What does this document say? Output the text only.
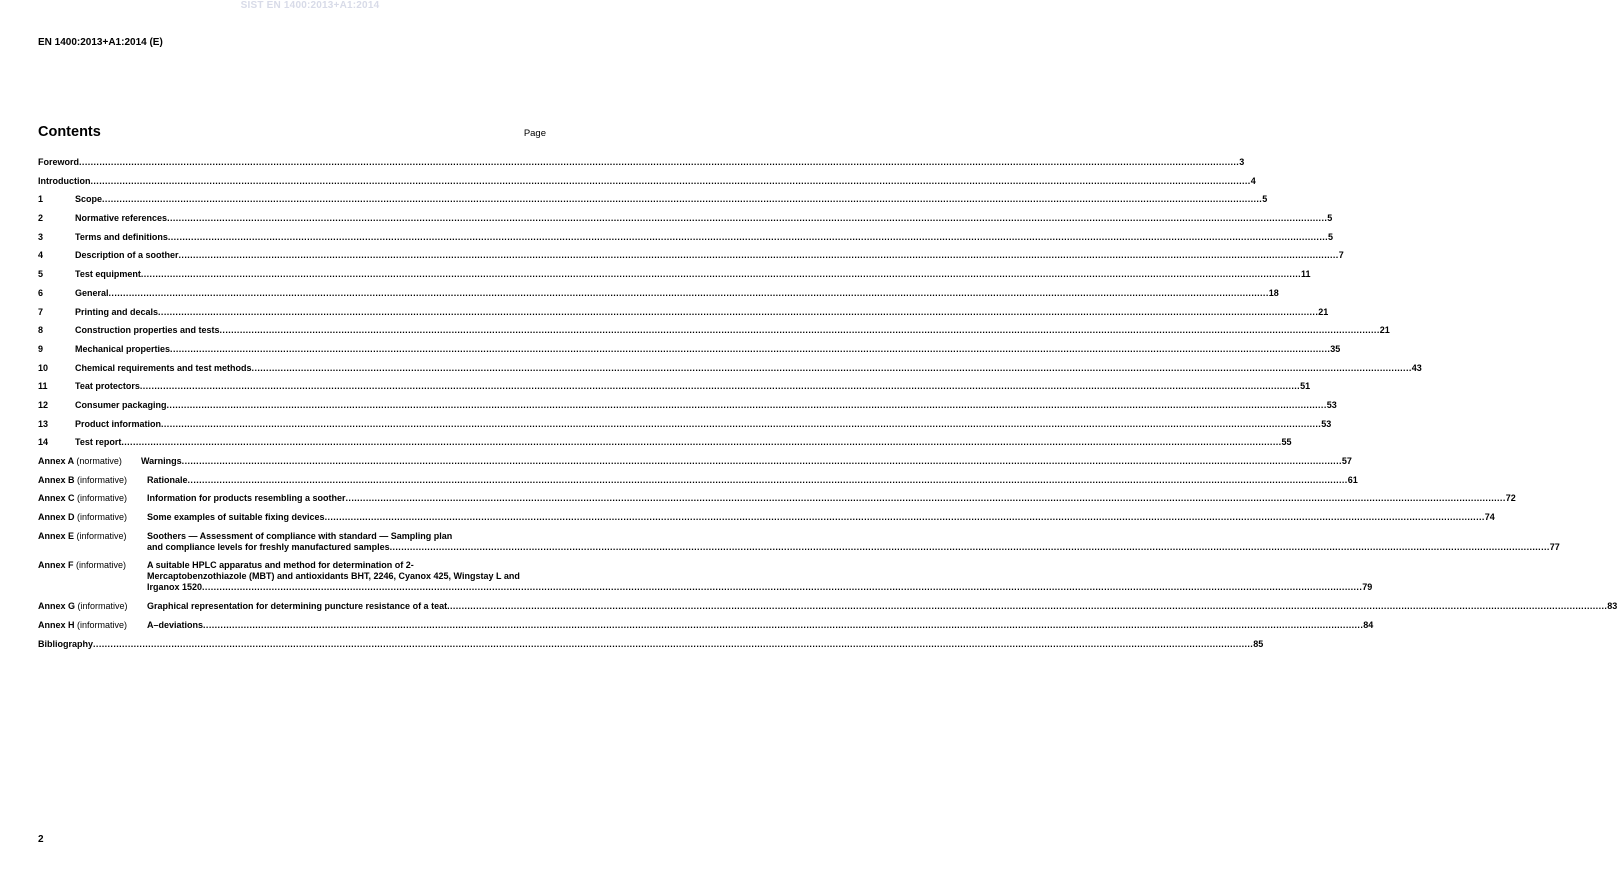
SIST EN 1400:2013+A1:2014
EN 1400:2013+A1:2014 (E)
Contents	Page
Foreword ................................................................................................................................................................................................................................................................................................................................................................................................................ 3
Introduction ................................................................................................................................................................................................................................................................................................................................................................................................................ 4
1	Scope ................................................................................................................................................................................................................................................................................................................................................................................................................ 5
2	Normative references ................................................................................................................................................................................................................................................................................................................................................................................................................ 5
3	Terms and definitions ................................................................................................................................................................................................................................................................................................................................................................................................................ 5
4	Description of a soother ................................................................................................................................................................................................................................................................................................................................................................................................................ 7
5	Test equipment ................................................................................................................................................................................................................................................................................................................................................................................................................ 11
6	General ................................................................................................................................................................................................................................................................................................................................................................................................................ 18
7	Printing and decals ................................................................................................................................................................................................................................................................................................................................................................................................................ 21
8	Construction properties and tests ................................................................................................................................................................................................................................................................................................................................................................................................................ 21
9	Mechanical properties ................................................................................................................................................................................................................................................................................................................................................................................................................ 35
10	Chemical requirements and test methods ................................................................................................................................................................................................................................................................................................................................................................................................................ 43
11	Teat protectors ................................................................................................................................................................................................................................................................................................................................................................................................................ 51
12	Consumer packaging ................................................................................................................................................................................................................................................................................................................................................................................................................ 53
13	Product information ................................................................................................................................................................................................................................................................................................................................................................................................................ 53
14	Test report ................................................................................................................................................................................................................................................................................................................................................................................................................ 55
Annex A (normative) Warnings ................................................................................................................................................................................................................................................................................................................................................................................................................ 57
Annex B (informative) Rationale ................................................................................................................................................................................................................................................................................................................................................................................................................ 61
Annex C (informative) Information for products resembling a soother ................................................................................................................................................................................................................................................................................................................................................................................................................ 72
Annex D (informative) Some examples of suitable fixing devices ................................................................................................................................................................................................................................................................................................................................................................................................................ 74
Annex E (informative) Soothers — Assessment of compliance with standard — Sampling plan
and compliance levels for freshly manufactured samples ................................................................................................................................................................................................................................................................................................................................................................................................................ 77
Annex F (informative) A suitable HPLC apparatus and method for determination of 2-
Mercaptobenzothiazole (MBT) and antioxidants BHT, 2246, Cyanox 425, Wingstay L and
Irganox 1520 ................................................................................................................................................................................................................................................................................................................................................................................................................ 79
Annex G (informative) Graphical representation for determining puncture resistance of a teat ................................................................................................................................................................................................................................................................................................................................................................................................................ 83
Annex H (informative) A–deviations ................................................................................................................................................................................................................................................................................................................................................................................................................ 84
Bibliography ................................................................................................................................................................................................................................................................................................................................................................................................................ 85
2
